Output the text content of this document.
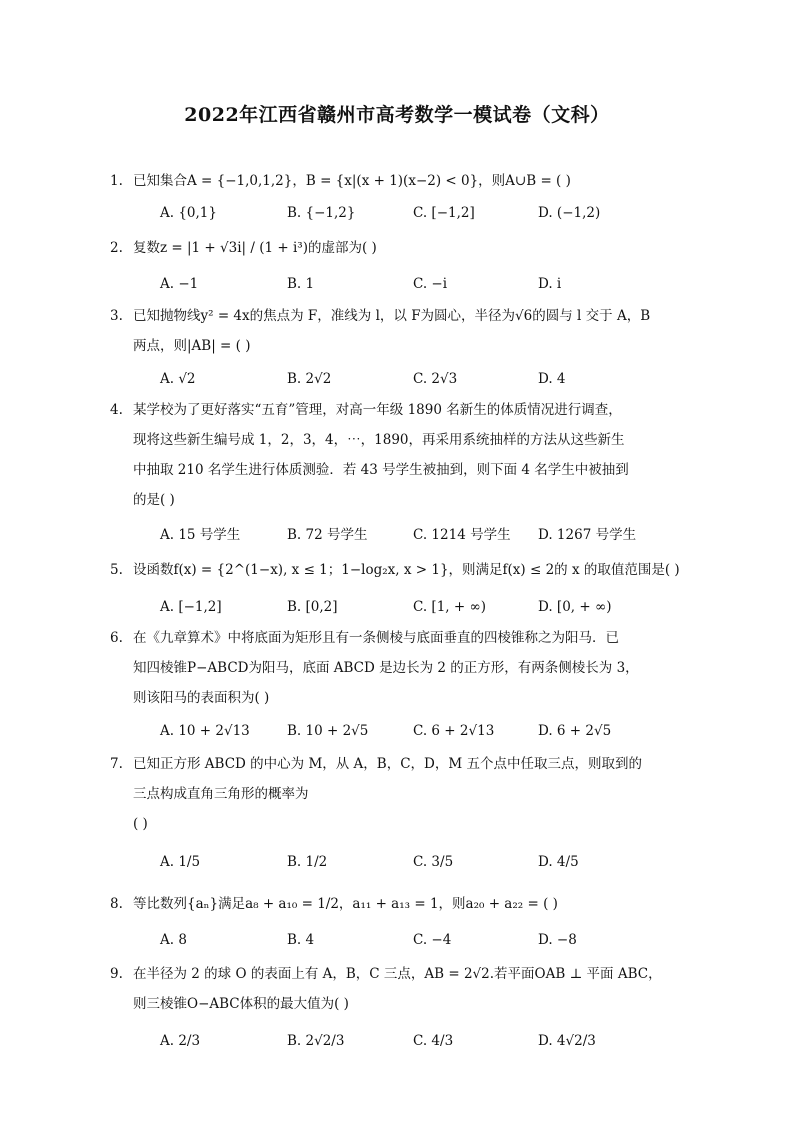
2022年江西省赣州市高考数学一模试卷（文科）
1. 已知集合A = {−1,0,1,2}，B = {x|(x + 1)(x−2) < 0}，则A∪B = ( )
A. {0,1}	B. {−1,2}	C. [−1,2]	D. (−1,2)
2. 复数z = |1 + √3i| / (1 + i³)的虚部为( )
A. −1	B. 1	C. −i	D. i
3. 已知抛物线y² = 4x的焦点为 F，准线为 l，以 F为圆心，半径为√6的圆与 l 交于 A，B
两点，则|AB| = ( )
A. √2	B. 2√2	C. 2√3	D. 4
4. 某学校为了更好落实“五育”管理，对高一年级 1890 名新生的体质情况进行调查，
现将这些新生编号成 1，2，3，4，⋯，1890，再采用系统抽样的方法从这些新生
中抽取 210 名学生进行体质测验．若 43 号学生被抽到，则下面 4 名学生中被抽到
的是( )
A. 15 号学生	B. 72 号学生	C. 1214 号学生 D. 1267 号学生
5. 设函数f(x) = {2^(1−x), x ≤ 1；1−log₂x, x > 1}，则满足f(x) ≤ 2的 x 的取值范围是( )
A. [−1,2]	B. [0,2]	C. [1, + ∞)	D. [0, + ∞)
6. 在《九章算术》中将底面为矩形且有一条侧棱与底面垂直的四棱锥称之为阳马．已
知四棱锥P−ABCD为阳马，底面 ABCD 是边长为 2 的正方形，有两条侧棱长为 3，
则该阳马的表面积为( )
A. 10 + 2√13	B. 10 + 2√5	C. 6 + 2√13	D. 6 + 2√5
7. 已知正方形 ABCD 的中心为 M，从 A，B，C，D，M 五个点中任取三点，则取到的
三点构成直角三角形的概率为
( )
A. 1/5	B. 1/2	C. 3/5	D. 4/5
8. 等比数列{aₙ}满足a₈ + a₁₀ = 1/2，a₁₁ + a₁₃ = 1，则a₂₀ + a₂₂ = ( )
A. 8	B. 4	C. −4	D. −8
9. 在半径为 2 的球 O 的表面上有 A，B，C 三点，AB = 2√2.若平面OAB ⊥ 平面 ABC，
则三棱锥O−ABC体积的最大值为( )
A. 2/3	B. 2√2/3	C. 4/3	D. 4√2/3
